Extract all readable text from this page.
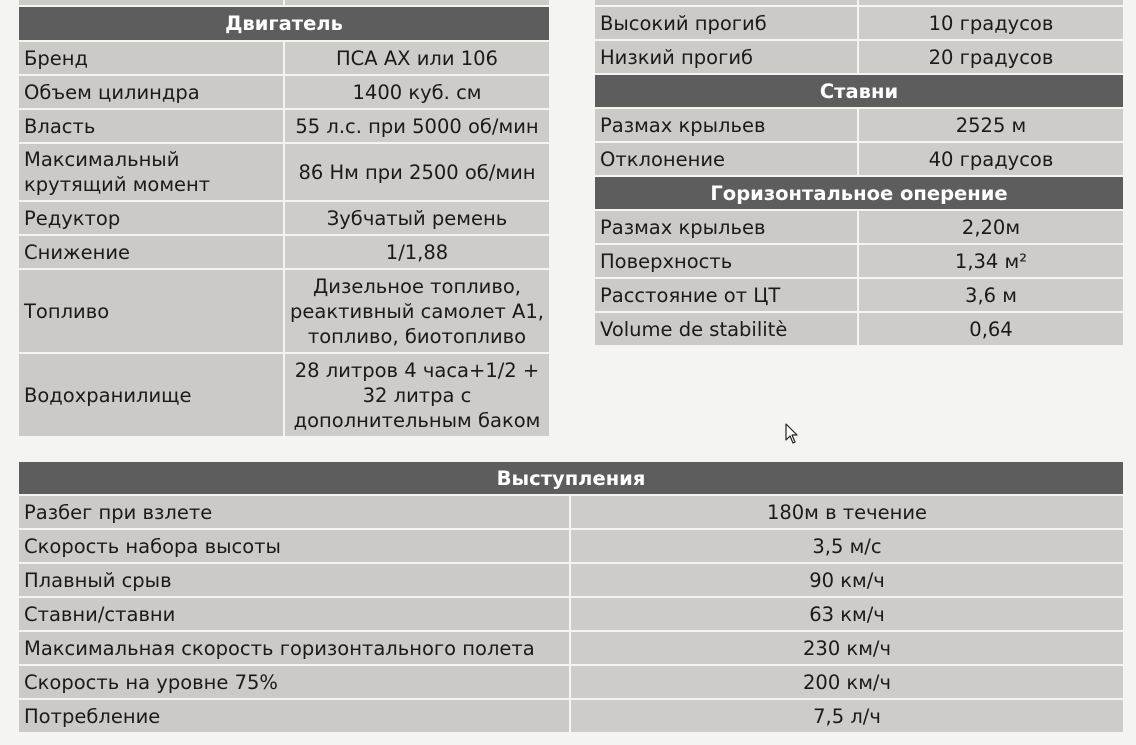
Двигатель	
Бренд	ПСА AX или 106
Объем цилиндра	1400 куб. см
Власть	55 л.с. при 5000 об/мин
Максимальный крутящий момент	86 Нм при 2500 об/мин
Редуктор	Зубчатый ремень
Снижение	1/1,88
Топливо	Дизельное топливо, реактивный самолет A1, топливо, биотопливо
Водохранилище	28 литров 4 часа+1/2 + 32 литра с дополнительным баком

Высокий прогиб	10 градусов
Низкий прогиб	20 градусов
Ставни	
Размах крыльев	2525 м
Отклонение	40 градусов
Горизонтальное оперение	
Размах крыльев	2,20м
Поверхность	1,34 м²
Расстояние от ЦТ	3,6 м
Volume de stabilitè	0,64
Выступления	
Разбег при взлете	180м в течение
Скорость набора высоты	3,5 м/с
Плавный срыв	90 км/ч
Ставни/ставни	63 км/ч
Максимальная скорость горизонтального полета	230 км/ч
Скорость на уровне 75%	200 км/ч
Потребление	7,5 л/ч
